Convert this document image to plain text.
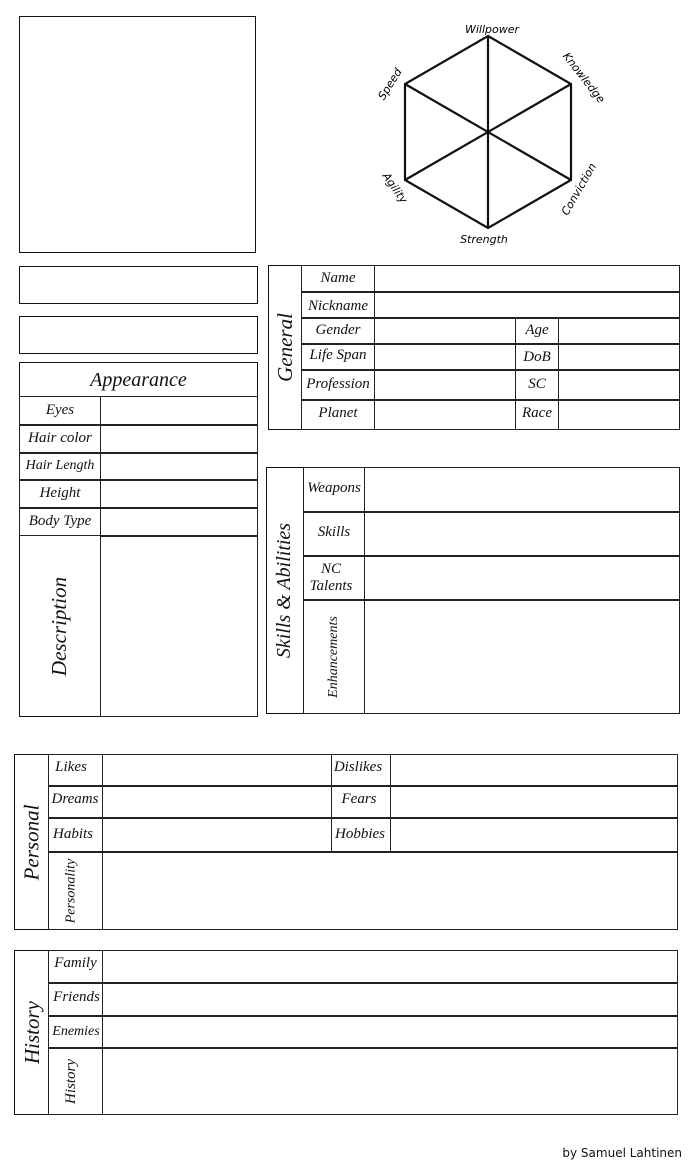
Willpower
Knowledge
Conviction
Strength
Agility
Speed
Appearance
Eyes
Hair color
Hair Length
Height
Body Type
Description
General
Name
Nickname
Gender	Age
Life Span	DoB
Profession	SC
Planet	Race
Skills & Abilities
Weapons
Skills
NC Talents
Enhancements
Personal
Likes	Dislikes
Dreams	Fears
Habits	Hobbies
Personality
History
Family
Friends
Enemies
History
by Samuel Lahtinen
